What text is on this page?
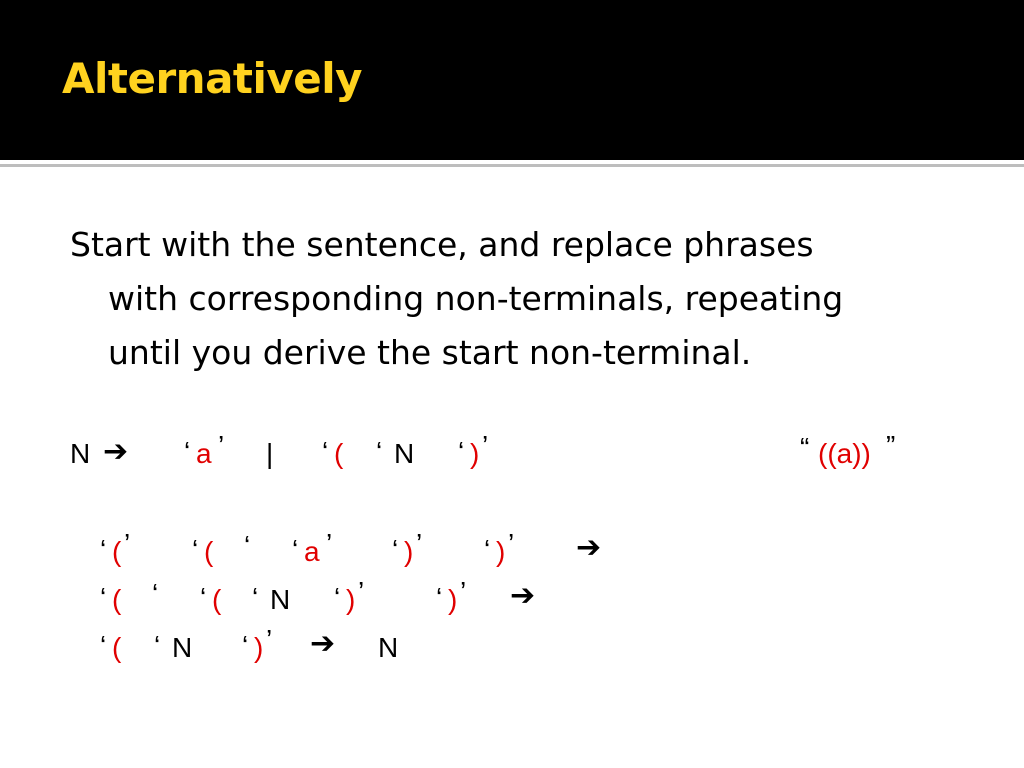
Alternatively
Start with the sentence, and replace phrases
with corresponding non-terminals, repeating
until you derive the start non-terminal.
N ➔ ‘ a ’ | ‘ ( ‘ N ‘ ) ’	“ ((a)) ”
‘ ( ’ ‘ ( ‘ ‘ a ’ ‘ ) ’ ‘ ) ’ ➔
‘ ( ‘ ‘ ( ‘ N ‘ ) ’	‘ ) ’ ➔
‘ ( ‘ N ‘ ) ’ ➔ N
